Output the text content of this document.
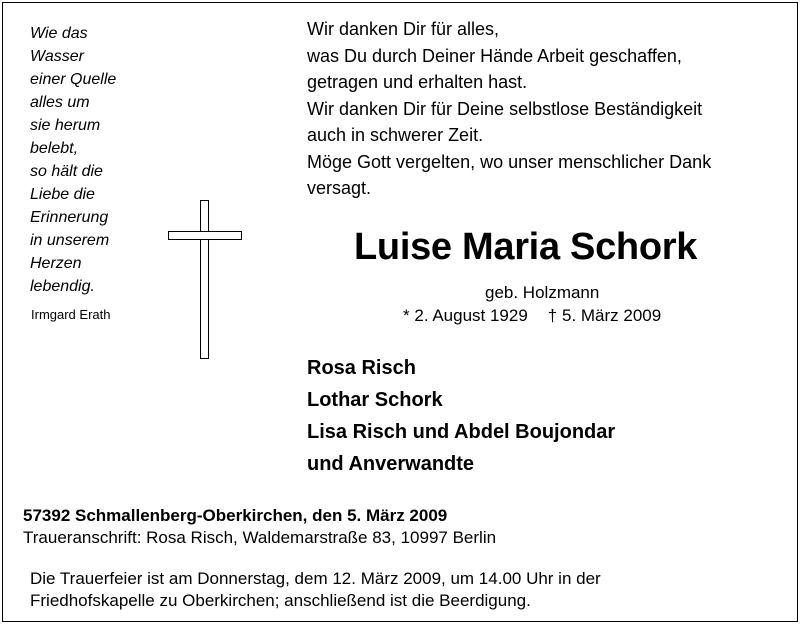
Wie das
Wasser
einer Quelle
alles um
sie herum
belebt,
so hält die
Liebe die
Erinnerung
in unserem
Herzen
lebendig.
Irmgard Erath
Wir danken Dir für alles,
was Du durch Deiner Hände Arbeit geschaffen,
getragen und erhalten hast.
Wir danken Dir für Deine selbstlose Beständigkeit
auch in schwerer Zeit.
Möge Gott vergelten, wo unser menschlicher Dank
versagt.
Luise Maria Schork
geb. Holzmann
* 2. August 1929 † 5. März 2009
Rosa Risch
Lothar Schork
Lisa Risch und Abdel Boujondar
und Anverwandte
57392 Schmallenberg-Oberkirchen, den 5. März 2009
Traueranschrift: Rosa Risch, Waldemarstraße 83, 10997 Berlin
Die Trauerfeier ist am Donnerstag, dem 12. März 2009, um 14.00 Uhr in der
Friedhofskapelle zu Oberkirchen; anschließend ist die Beerdigung.
